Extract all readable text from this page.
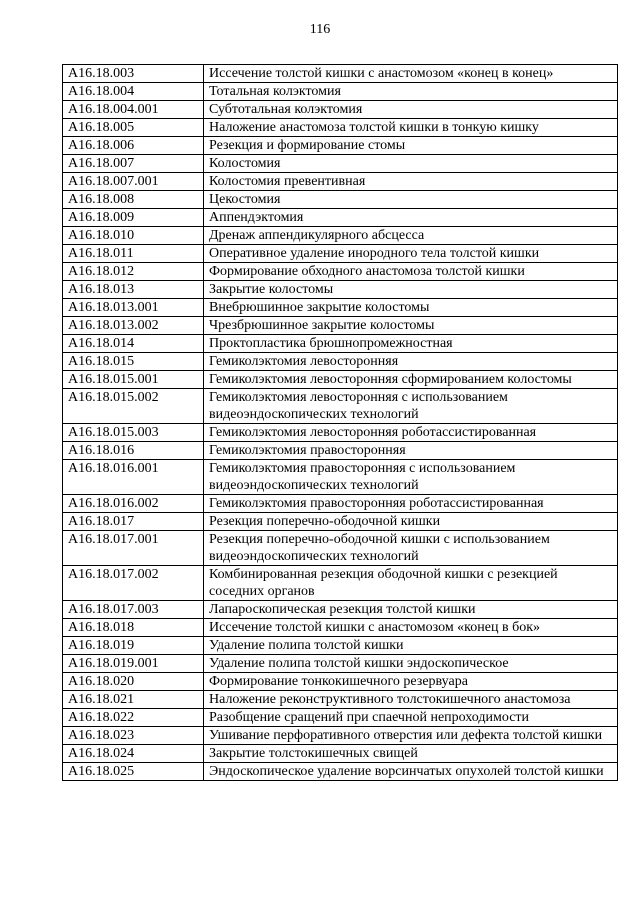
116
A16.18.003	Иссечение толстой кишки с анастомозом «конец в конец»
A16.18.004	Тотальная колэктомия
A16.18.004.001	Субтотальная колэктомия
A16.18.005	Наложение анастомоза толстой кишки в тонкую кишку
A16.18.006	Резекция и формирование стомы
A16.18.007	Колостомия
A16.18.007.001	Колостомия превентивная
A16.18.008	Цекостомия
A16.18.009	Аппендэктомия
A16.18.010	Дренаж аппендикулярного абсцесса
A16.18.011	Оперативное удаление инородного тела толстой кишки
A16.18.012	Формирование обходного анастомоза толстой кишки
A16.18.013	Закрытие колостомы
A16.18.013.001	Внебрюшинное закрытие колостомы
A16.18.013.002	Чрезбрюшинное закрытие колостомы
A16.18.014	Проктопластика брюшнопромежностная
A16.18.015	Гемиколэктомия левосторонняя
A16.18.015.001	Гемиколэктомия левосторонняя сформированием колостомы
A16.18.015.002	Гемиколэктомия левосторонняя с использованием видеоэндоскопических технологий
A16.18.015.003	Гемиколэктомия левосторонняя роботассистированная
A16.18.016	Гемиколэктомия правосторонняя
A16.18.016.001	Гемиколэктомия правосторонняя с использованием видеоэндоскопических технологий
A16.18.016.002	Гемиколэктомия правосторонняя роботассистированная
A16.18.017	Резекция поперечно-ободочной кишки
A16.18.017.001	Резекция поперечно-ободочной кишки с использованием видеоэндоскопических технологий
A16.18.017.002	Комбинированная резекция ободочной кишки с резекцией соседних органов
A16.18.017.003	Лапароскопическая резекция толстой кишки
A16.18.018	Иссечение толстой кишки с анастомозом «конец в бок»
A16.18.019	Удаление полипа толстой кишки
A16.18.019.001	Удаление полипа толстой кишки эндоскопическое
A16.18.020	Формирование тонкокишечного резервуара
A16.18.021	Наложение реконструктивного толстокишечного анастомоза
A16.18.022	Разобщение сращений при спаечной непроходимости
A16.18.023	Ушивание перфоративного отверстия или дефекта толстой кишки
A16.18.024	Закрытие толстокишечных свищей
A16.18.025	Эндоскопическое удаление ворсинчатых опухолей толстой кишки
